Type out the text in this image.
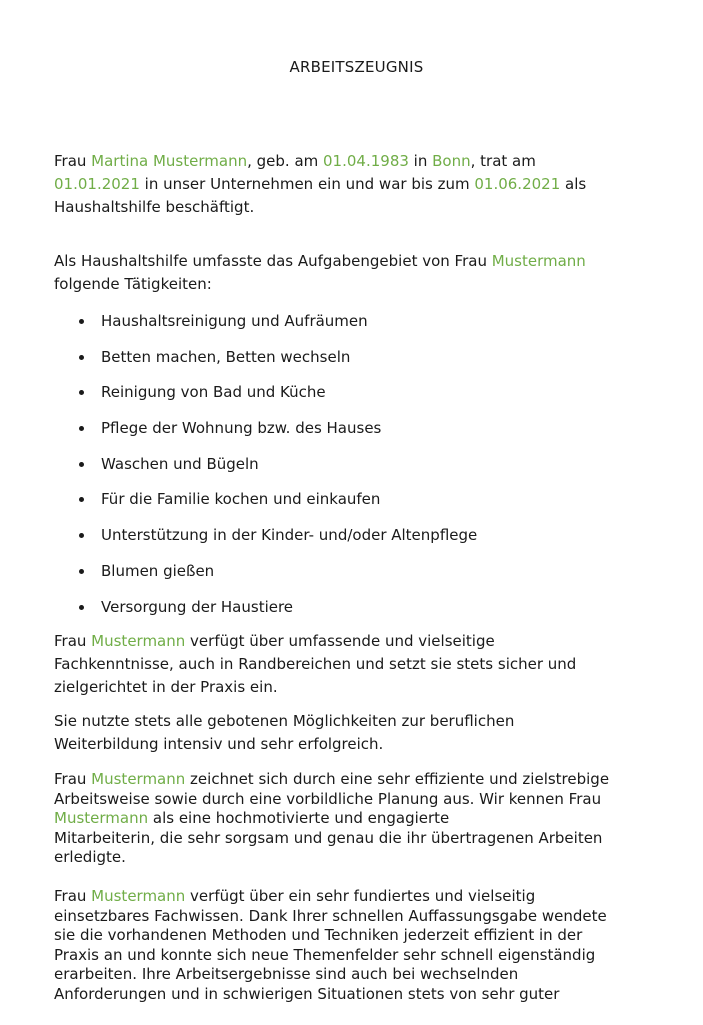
ARBEITSZEUGNIS

Frau Martina Mustermann, geb. am 01.04.1983 in Bonn, trat am
01.01.2021 in unser Unternehmen ein und war bis zum 01.06.2021 als
Haushaltshilfe beschäftigt.

Als Haushaltshilfe umfasste das Aufgabengebiet von Frau Mustermann
folgende Tätigkeiten:

Haushaltsreinigung und Aufräumen
Betten machen, Betten wechseln
Reinigung von Bad und Küche
Pflege der Wohnung bzw. des Hauses
Waschen und Bügeln
Für die Familie kochen und einkaufen
Unterstützung in der Kinder- und/oder Altenpflege
Blumen gießen
Versorgung der Haustiere

Frau Mustermann verfügt über umfassende und vielseitige
Fachkenntnisse, auch in Randbereichen und setzt sie stets sicher und
zielgerichtet in der Praxis ein.

Sie nutzte stets alle gebotenen Möglichkeiten zur beruflichen
Weiterbildung intensiv und sehr erfolgreich.

Frau Mustermann zeichnet sich durch eine sehr effiziente und zielstrebige
Arbeitsweise sowie durch eine vorbildliche Planung aus. Wir kennen Frau
Mustermann als eine hochmotivierte und engagierte
Mitarbeiterin, die sehr sorgsam und genau die ihr übertragenen Arbeiten
erledigte.

Frau Mustermann verfügt über ein sehr fundiertes und vielseitig
einsetzbares Fachwissen. Dank Ihrer schnellen Auffassungsgabe wendete
sie die vorhandenen Methoden und Techniken jederzeit effizient in der
Praxis an und konnte sich neue Themenfelder sehr schnell eigenständig
erarbeiten. Ihre Arbeitsergebnisse sind auch bei wechselnden
Anforderungen und in schwierigen Situationen stets von sehr guter
